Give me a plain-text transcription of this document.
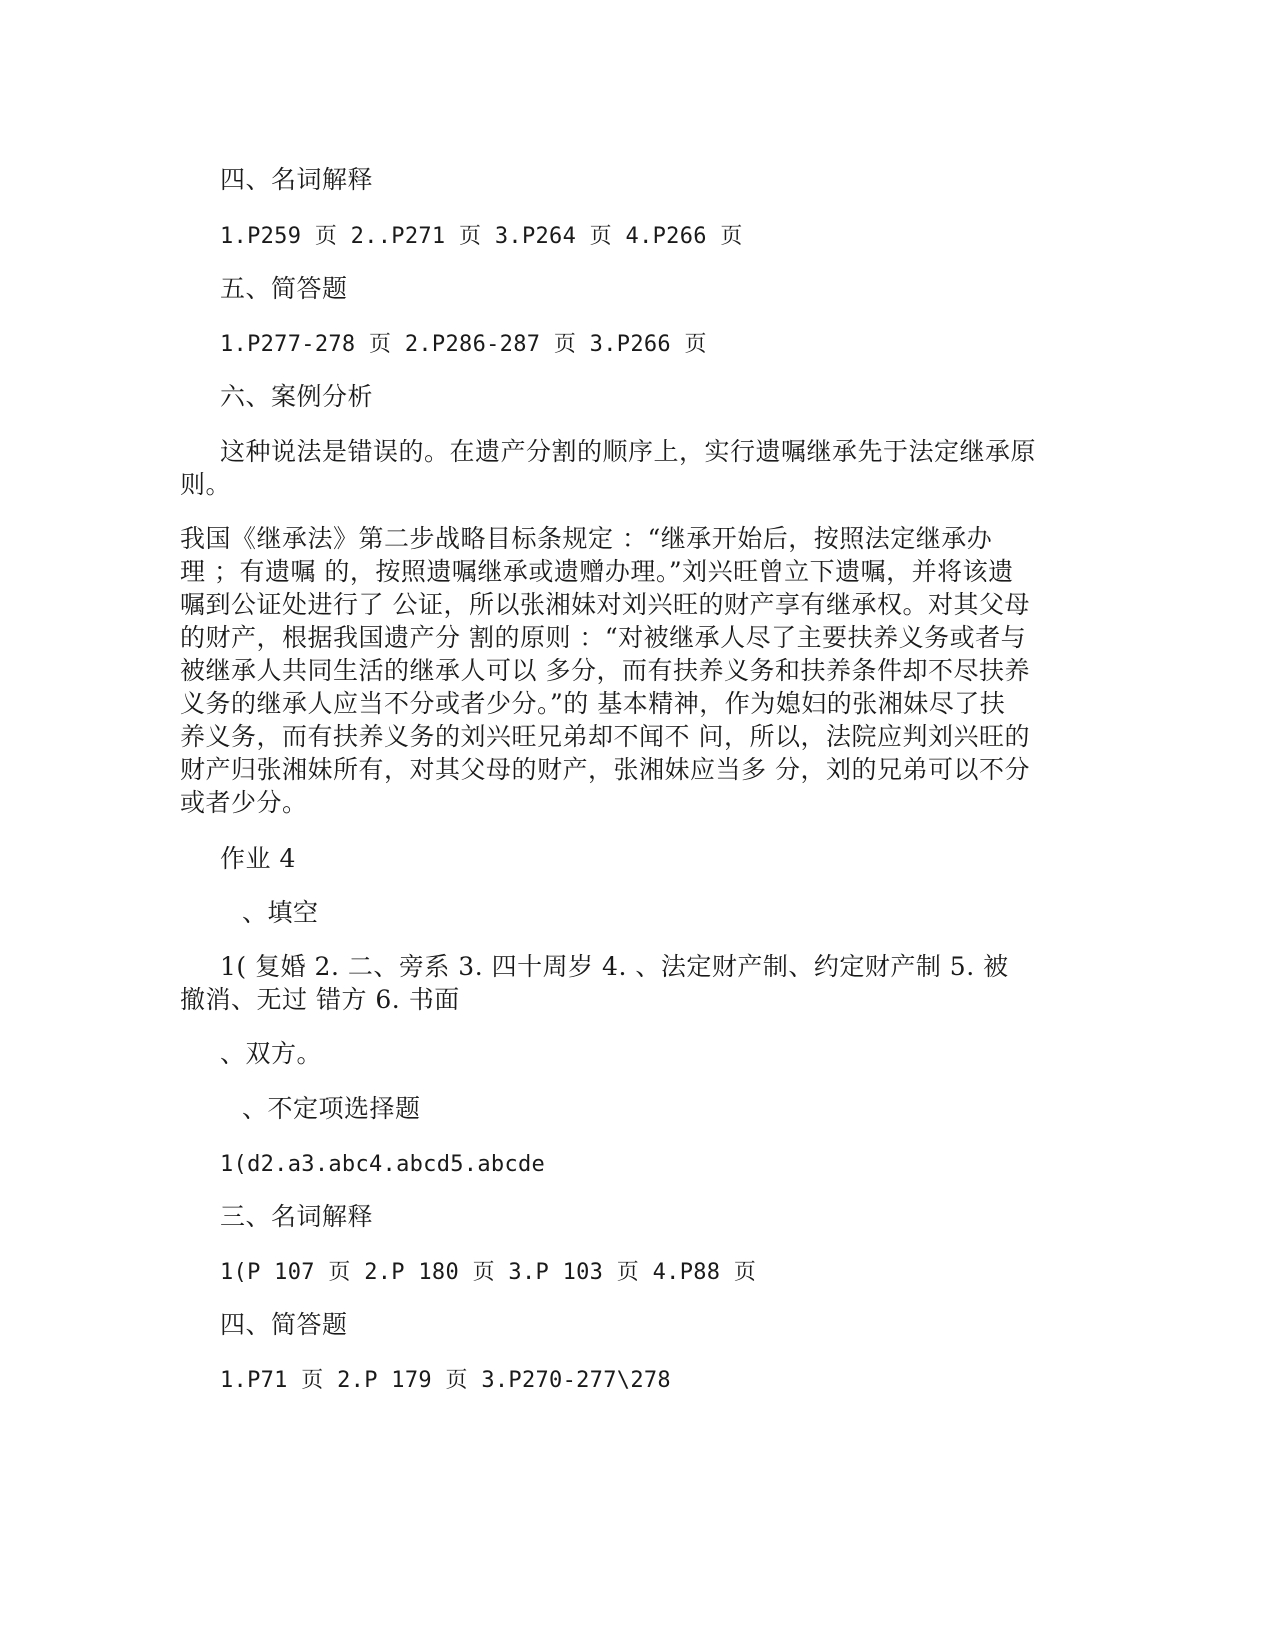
四、名词解释
1.P259 页 2..P271 页 3.P264 页 4.P266 页
五、简答题
1.P277-278 页 2.P286-287 页 3.P266 页
六、案例分析
这种说法是错误的。在遗产分割的顺序上，实行遗嘱继承先于法定继承原
则。
我国《继承法》第二步战略目标条规定 ：“继承开始后，按照法定继承办
理 ；有遗嘱 的，按照遗嘱继承或遗赠办理。”刘兴旺曾立下遗嘱，并将该遗
嘱到公证处进行了 公证，所以张湘妹对刘兴旺的财产享有继承权。对其父母
的财产，根据我国遗产分 割的原则 ：“对被继承人尽了主要扶养义务或者与
被继承人共同生活的继承人可以 多分，而有扶养义务和扶养条件却不尽扶养
义务的继承人应当不分或者少分。”的 基本精神，作为媳妇的张湘妹尽了扶
养义务，而有扶养义务的刘兴旺兄弟却不闻不 问，所以，法院应判刘兴旺的
财产归张湘妹所有，对其父母的财产，张湘妹应当多 分，刘的兄弟可以不分
或者少分。
作业 4
、填空
1( 复婚 2. 二、旁系 3. 四十周岁 4. 、法定财产制、约定财产制 5. 被
撤消、无过 错方 6. 书面
、双方。
、不定项选择题
1(d2.a3.abc4.abcd5.abcde
三、名词解释
1(P 107 页 2.P 180 页 3.P 103 页 4.P88 页
四、简答题
1.P71 页 2.P 179 页 3.P270-277\278
